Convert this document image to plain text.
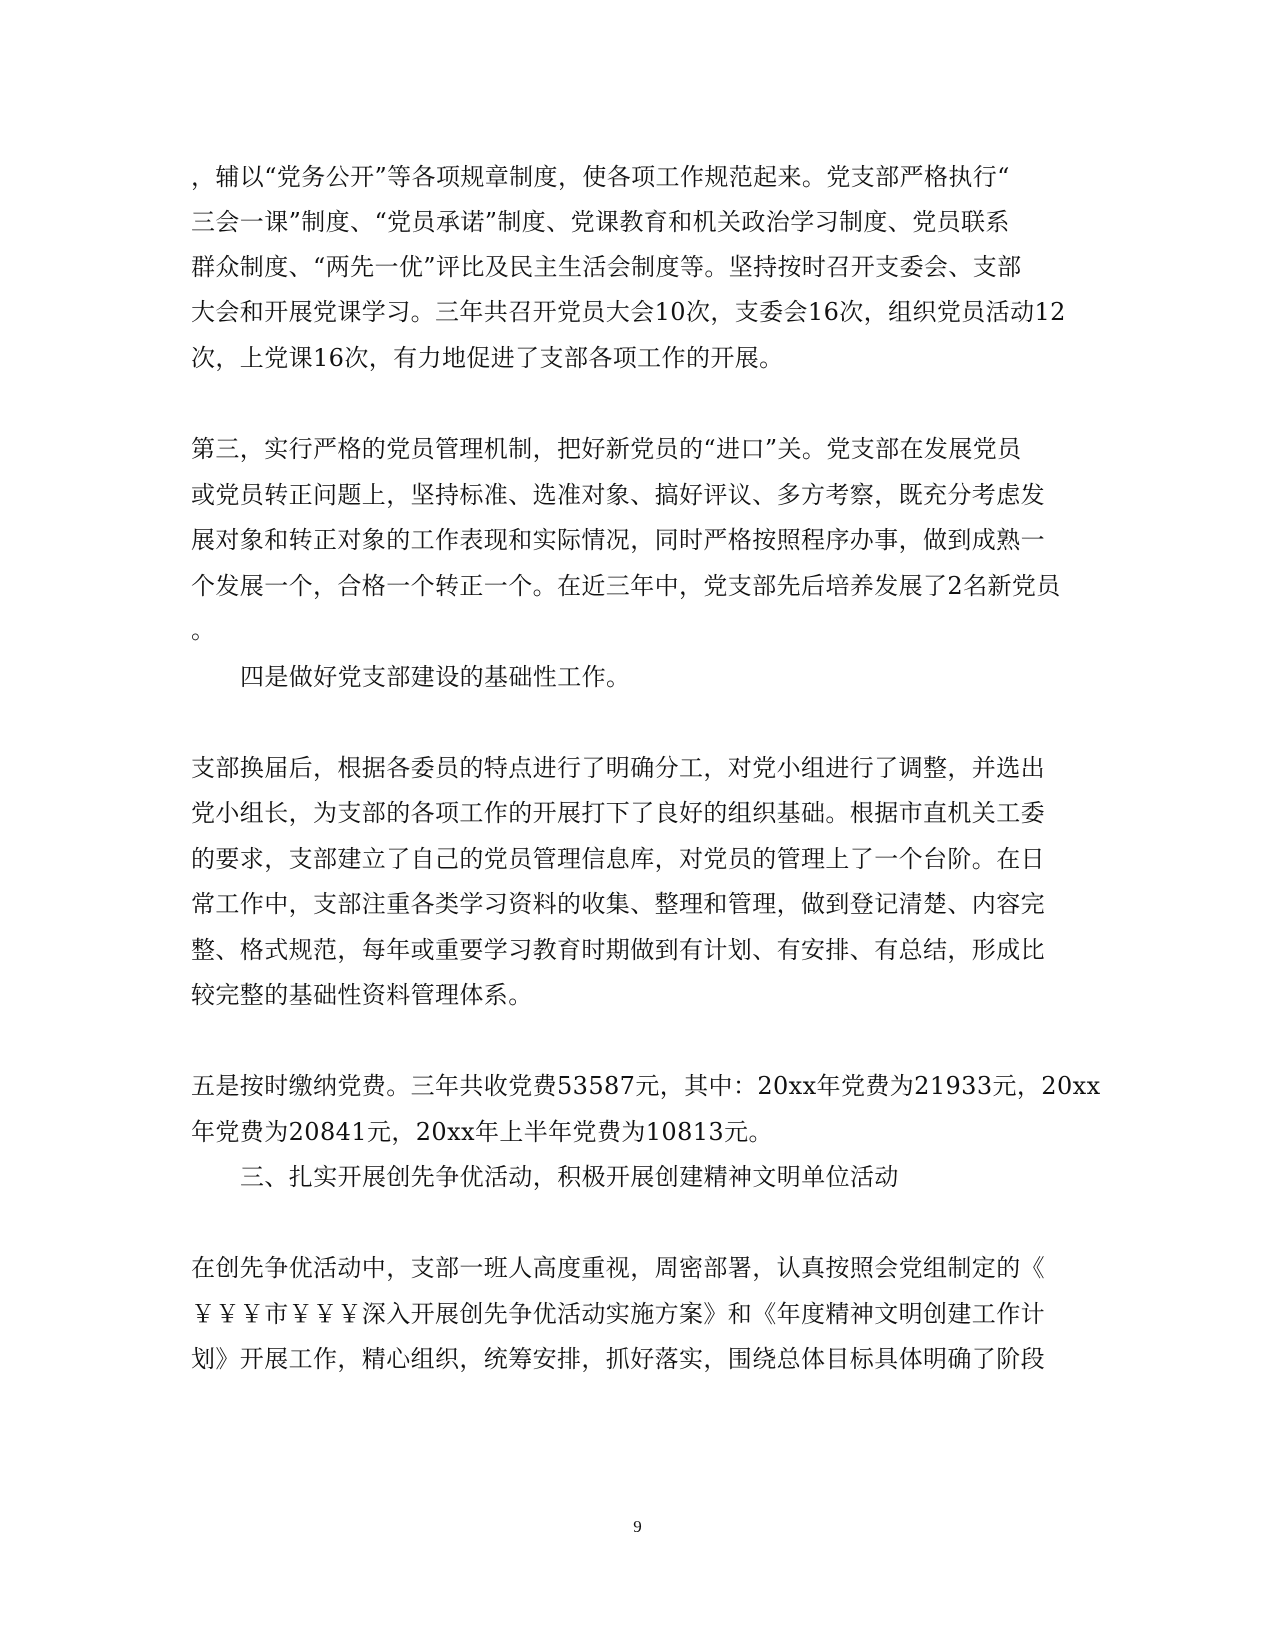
，辅以“党务公开”等各项规章制度，使各项工作规范起来。党支部严格执行“
三会一课”制度、“党员承诺”制度、党课教育和机关政治学习制度、党员联系
群众制度、“两先一优”评比及民主生活会制度等。坚持按时召开支委会、支部
大会和开展党课学习。三年共召开党员大会10次，支委会16次，组织党员活动12
次，上党课16次，有力地促进了支部各项工作的开展。
第三，实行严格的党员管理机制，把好新党员的“进口”关。党支部在发展党员
或党员转正问题上，坚持标准、选准对象、搞好评议、多方考察，既充分考虑发
展对象和转正对象的工作表现和实际情况，同时严格按照程序办事，做到成熟一
个发展一个，合格一个转正一个。在近三年中，党支部先后培养发展了2名新党员
。
四是做好党支部建设的基础性工作。
支部换届后，根据各委员的特点进行了明确分工，对党小组进行了调整，并选出
党小组长，为支部的各项工作的开展打下了良好的组织基础。根据市直机关工委
的要求，支部建立了自己的党员管理信息库，对党员的管理上了一个台阶。在日
常工作中，支部注重各类学习资料的收集、整理和管理，做到登记清楚、内容完
整、格式规范，每年或重要学习教育时期做到有计划、有安排、有总结，形成比
较完整的基础性资料管理体系。
五是按时缴纳党费。三年共收党费53587元，其中：20xx年党费为21933元，20xx
年党费为20841元，20xx年上半年党费为10813元。
三、扎实开展创先争优活动，积极开展创建精神文明单位活动
在创先争优活动中，支部一班人高度重视，周密部署，认真按照会党组制定的《
￥￥￥市￥￥￥深入开展创先争优活动实施方案》和《年度精神文明创建工作计
划》开展工作，精心组织，统筹安排，抓好落实，围绕总体目标具体明确了阶段
9
